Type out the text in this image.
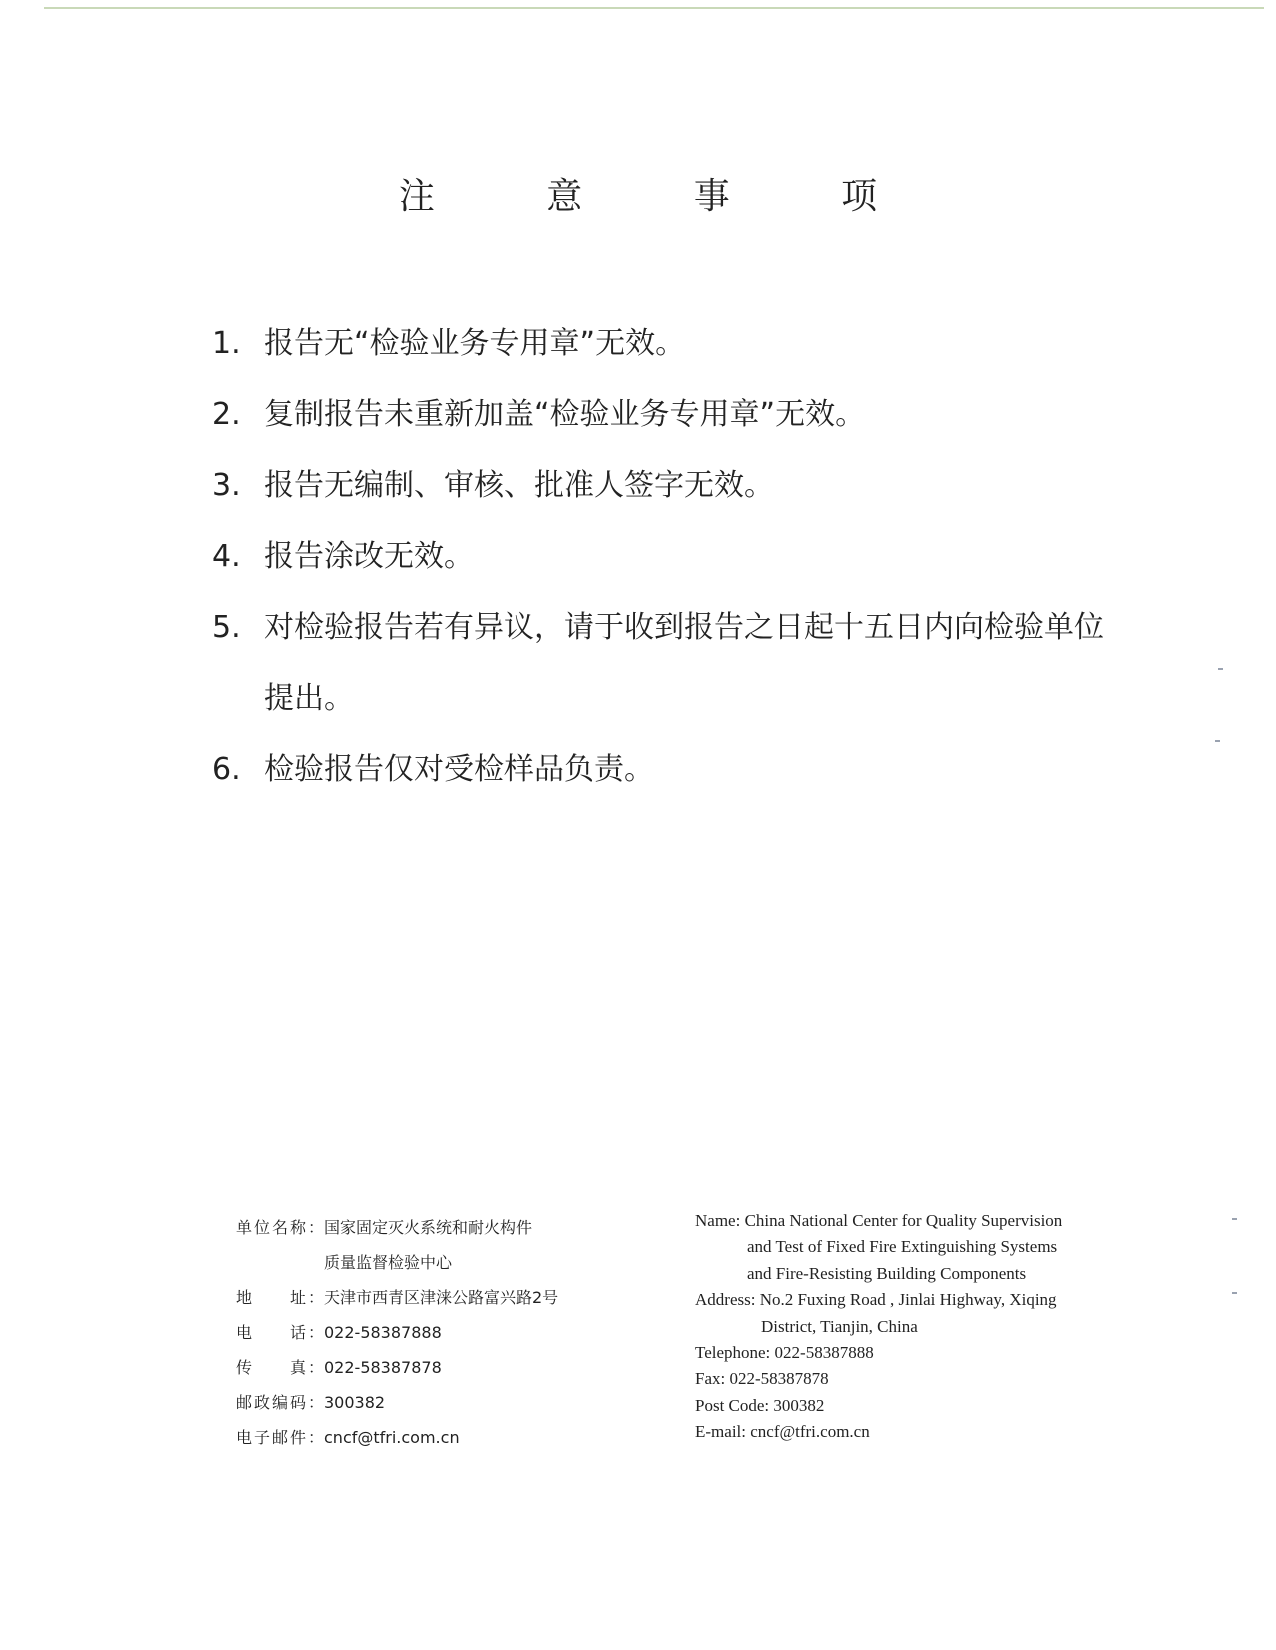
注 意 事 项
1. 报告无“检验业务专用章”无效。
2. 复制报告未重新加盖“检验业务专用章”无效。
3. 报告无编制、审核、批准人签字无效。
4. 报告涂改无效。
5. 对检验报告若有异议，请于收到报告之日起十五日内向检验单位提出。
6. 检验报告仅对受检样品负责。
单位名称： 国家固定灭火系统和耐火构件
质量监督检验中心
地　　址： 天津市西青区津涞公路富兴路2号
电　　话： 022-58387888
传　　真： 022-58387878
邮政编码： 300382
电子邮件： cncf@tfri.com.cn
Name: China National Center for Quality Supervision
and Test of Fixed Fire Extinguishing Systems
and Fire-Resisting Building Components
Address: No.2 Fuxing Road , Jinlai Highway, Xiqing
District, Tianjin, China
Telephone: 022-58387888
Fax: 022-58387878
Post Code: 300382
E-mail: cncf@tfri.com.cn
